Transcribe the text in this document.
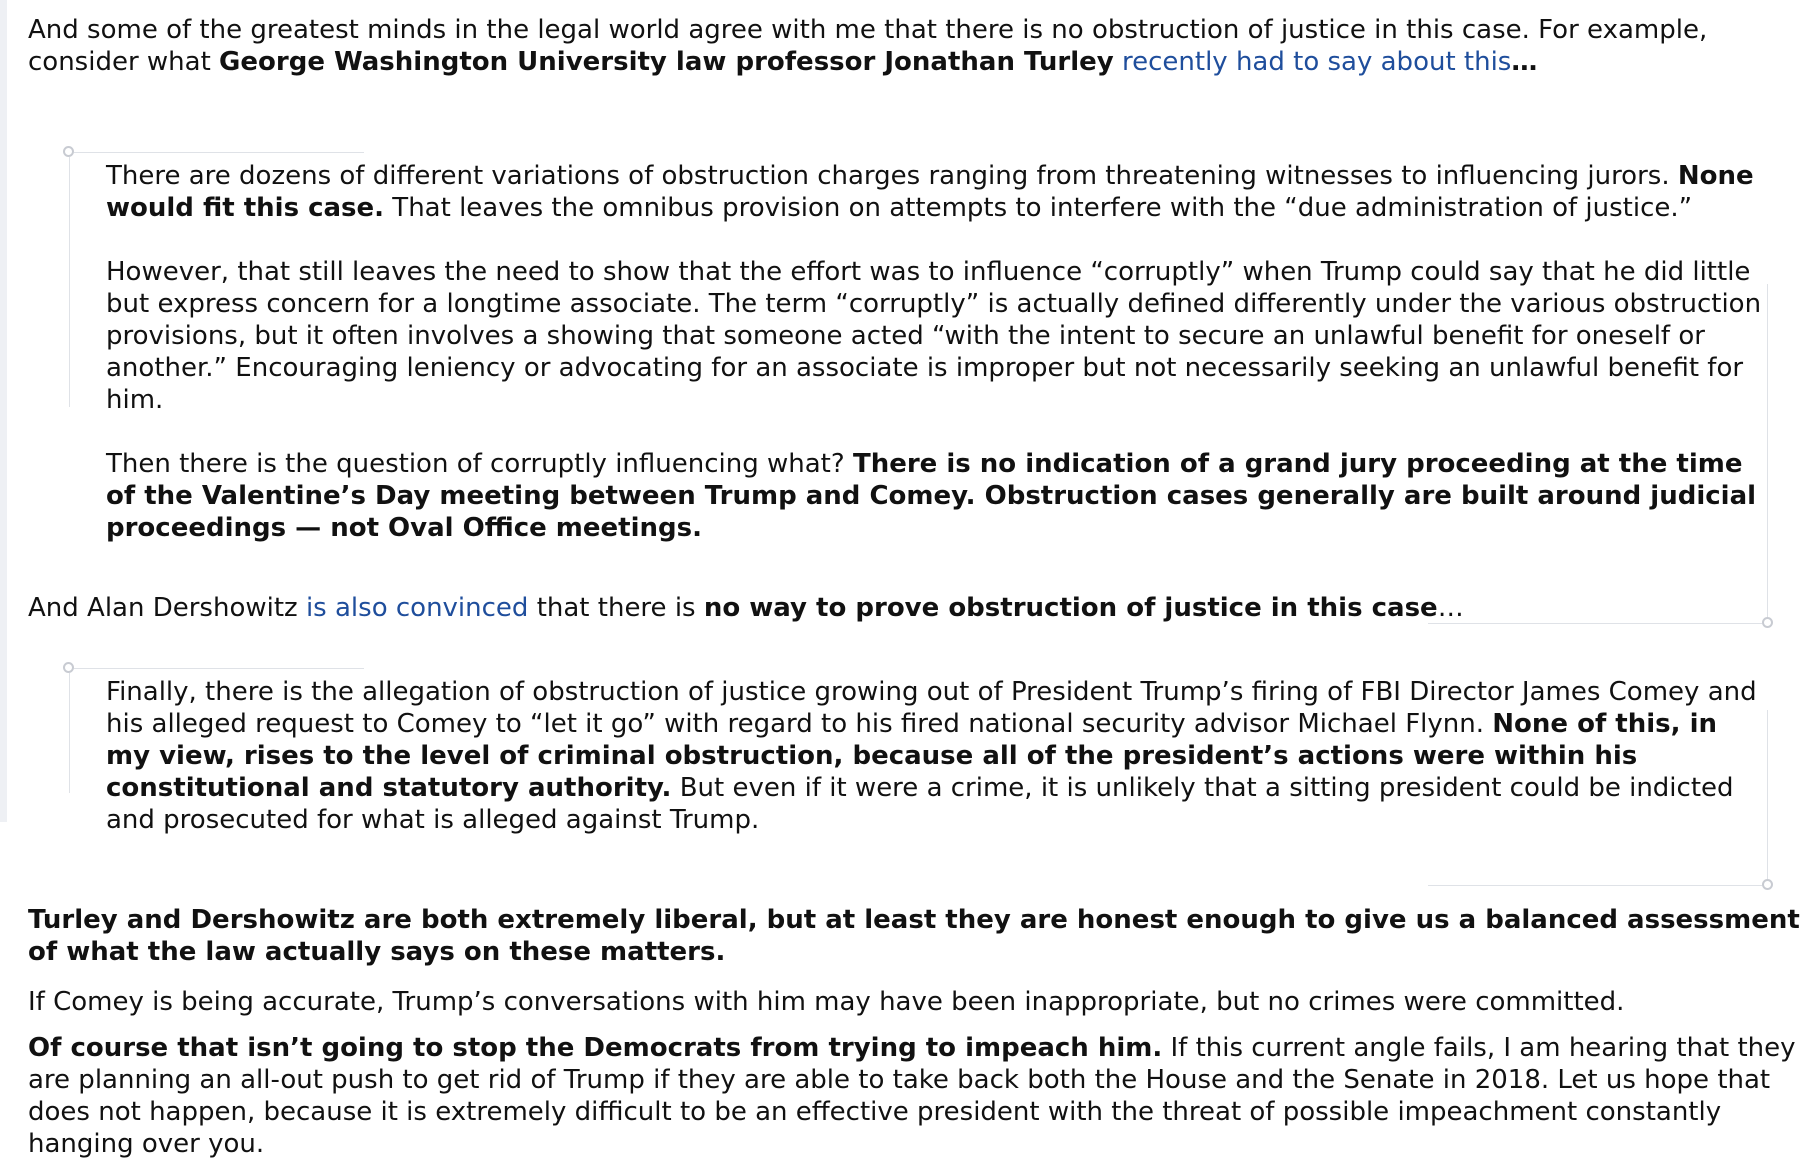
And some of the greatest minds in the legal world agree with me that there is no obstruction of justice in this case. For example, consider what George Washington University law professor Jonathan Turley recently had to say about this…

There are dozens of different variations of obstruction charges ranging from threatening witnesses to influencing jurors. None would fit this case. That leaves the omnibus provision on attempts to interfere with the “due administration of justice.”

However, that still leaves the need to show that the effort was to influence “corruptly” when Trump could say that he did little but express concern for a longtime associate. The term “corruptly” is actually defined differently under the various obstruction provisions, but it often involves a showing that someone acted “with the intent to secure an unlawful benefit for oneself or another.” Encouraging leniency or advocating for an associate is improper but not necessarily seeking an unlawful benefit for him.

Then there is the question of corruptly influencing what? There is no indication of a grand jury proceeding at the time of the Valentine’s Day meeting between Trump and Comey. Obstruction cases generally are built around judicial proceedings — not Oval Office meetings.

And Alan Dershowitz is also convinced that there is no way to prove obstruction of justice in this case…

Finally, there is the allegation of obstruction of justice growing out of President Trump’s firing of FBI Director James Comey and his alleged request to Comey to “let it go” with regard to his fired national security advisor Michael Flynn. None of this, in my view, rises to the level of criminal obstruction, because all of the president’s actions were within his constitutional and statutory authority. But even if it were a crime, it is unlikely that a sitting president could be indicted and prosecuted for what is alleged against Trump.

Turley and Dershowitz are both extremely liberal, but at least they are honest enough to give us a balanced assessment of what the law actually says on these matters.

If Comey is being accurate, Trump’s conversations with him may have been inappropriate, but no crimes were committed.

Of course that isn’t going to stop the Democrats from trying to impeach him. If this current angle fails, I am hearing that they are planning an all-out push to get rid of Trump if they are able to take back both the House and the Senate in 2018. Let us hope that does not happen, because it is extremely difficult to be an effective president with the threat of possible impeachment constantly hanging over you.
